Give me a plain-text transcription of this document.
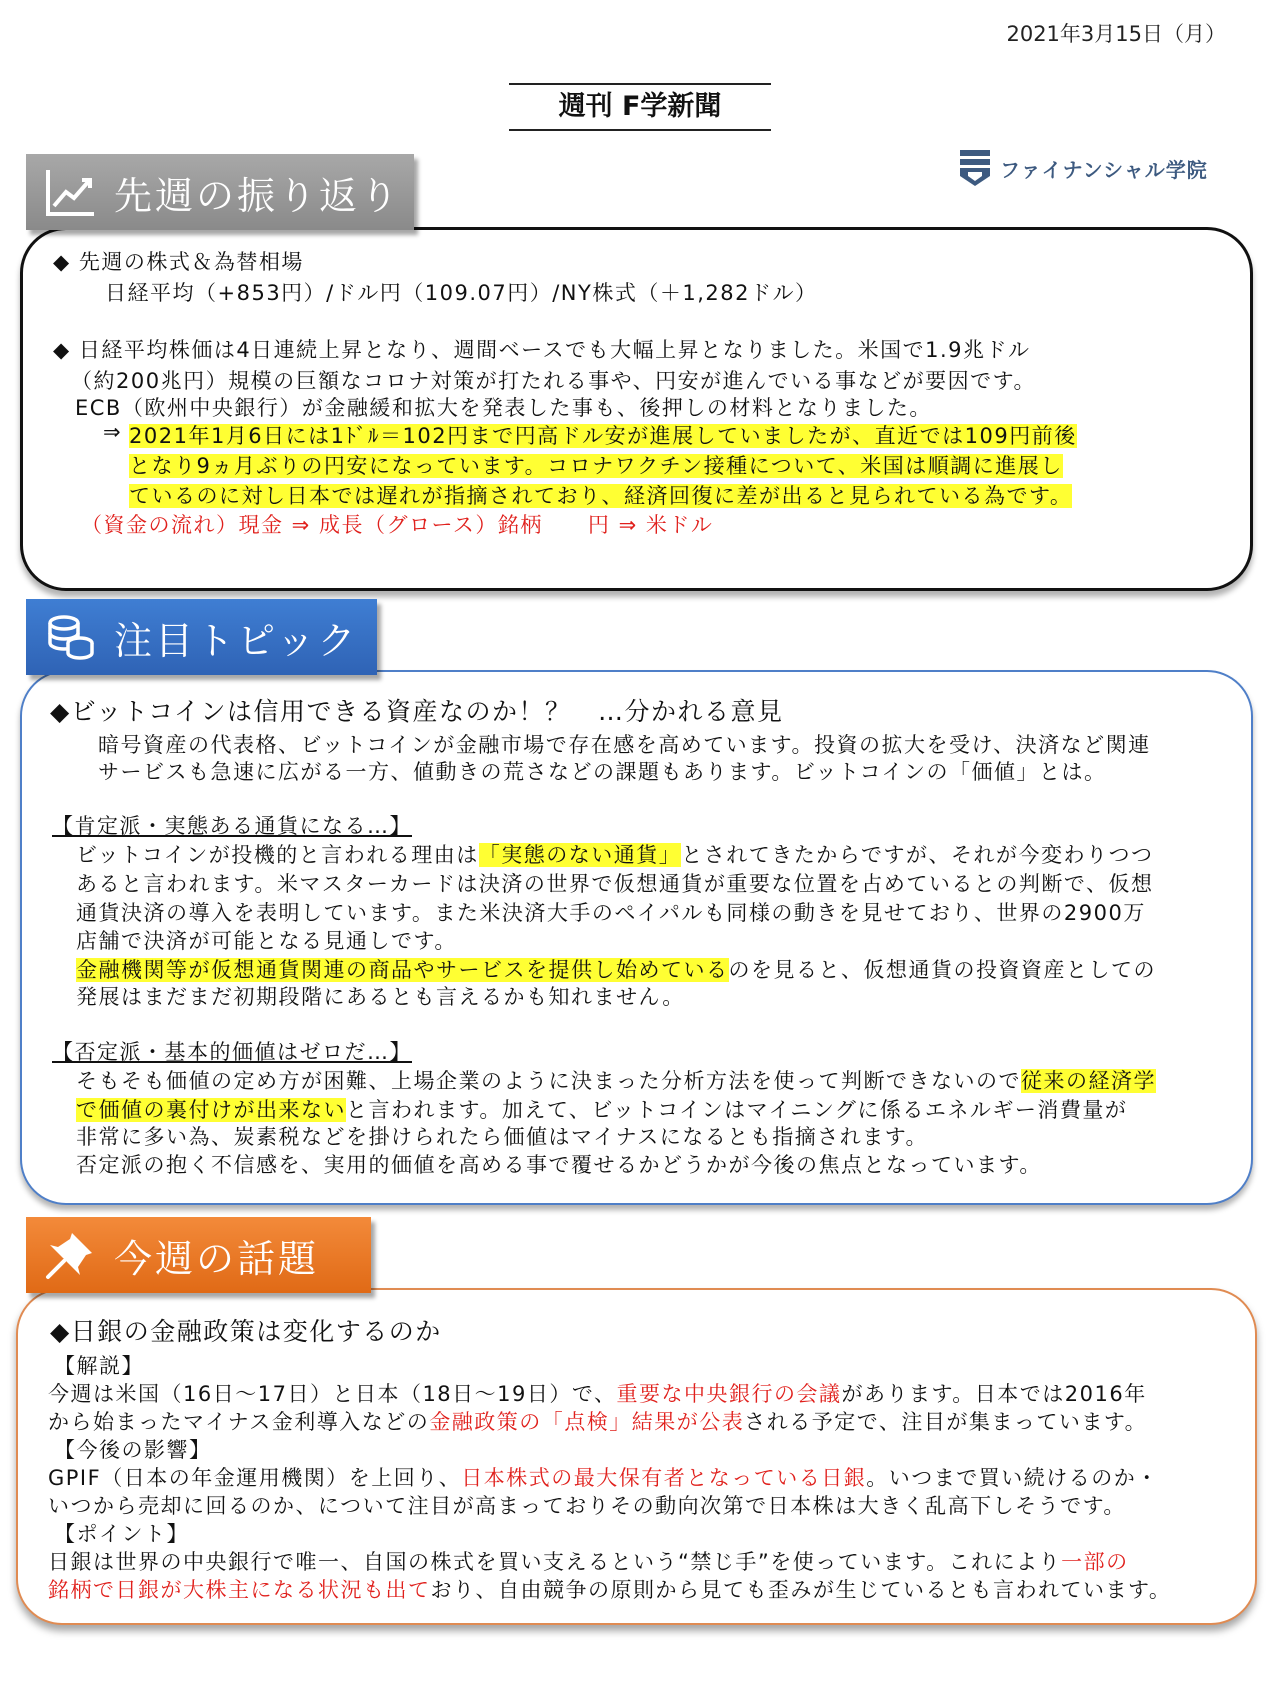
2021年3月15日（月）
週刊 F学新聞
ファイナンシャル学院
◆ 先週の株式＆為替相場
日経平均（+853円）/ドル円（109.07円）/NY株式（＋1,282ドル）
◆ 日経平均株価は4日連続上昇となり、週間ベースでも大幅上昇となりました。米国で1.9兆ドル
（約200兆円）規模の巨額なコロナ対策が打たれる事や、円安が進んでいる事などが要因です。
ECB（欧州中央銀行）が金融緩和拡大を発表した事も、後押しの材料となりました。
⇒ 2021年1月6日には1ﾄﾞﾙ＝102円まで円高ドル安が進展していましたが、直近では109円前後
となり9ヵ月ぶりの円安になっています。コロナワクチン接種について、米国は順調に進展し
ているのに対し日本では遅れが指摘されており、経済回復に差が出ると見られている為です。
（資金の流れ）現金 ⇒ 成長（グロース）銘柄　　円 ⇒ 米ドル
先週の振り返り
◆ビットコインは信用できる資産なのか！？　…分かれる意見
暗号資産の代表格、ビットコインが金融市場で存在感を高めています。投資の拡大を受け、決済など関連
サービスも急速に広がる一方、値動きの荒さなどの課題もあります。ビットコインの「価値」とは。
【肯定派・実態ある通貨になる…】
ビットコインが投機的と言われる理由は「実態のない通貨」とされてきたからですが、それが今変わりつつ
あると言われます。米マスターカードは決済の世界で仮想通貨が重要な位置を占めているとの判断で、仮想
通貨決済の導入を表明しています。また米決済大手のペイパルも同様の動きを見せており、世界の2900万
店舗で決済が可能となる見通しです。
金融機関等が仮想通貨関連の商品やサービスを提供し始めているのを見ると、仮想通貨の投資資産としての
発展はまだまだ初期段階にあるとも言えるかも知れません。
【否定派・基本的価値はゼロだ…】
そもそも価値の定め方が困難、上場企業のように決まった分析方法を使って判断できないので従来の経済学
で価値の裏付けが出来ないと言われます。加えて、ビットコインはマイニングに係るエネルギー消費量が
非常に多い為、炭素税などを掛けられたら価値はマイナスになるとも指摘されます。
否定派の抱く不信感を、実用的価値を高める事で覆せるかどうかが今後の焦点となっています。
注目トピック
◆日銀の金融政策は変化するのか
【解説】
今週は米国（16日～17日）と日本（18日～19日）で、重要な中央銀行の会議があります。日本では2016年
から始まったマイナス金利導入などの金融政策の「点検」結果が公表される予定で、注目が集まっています。
【今後の影響】
GPIF（日本の年金運用機関）を上回り、日本株式の最大保有者となっている日銀。いつまで買い続けるのか・
いつから売却に回るのか、について注目が高まっておりその動向次第で日本株は大きく乱高下しそうです。
【ポイント】
日銀は世界の中央銀行で唯一、自国の株式を買い支えるという“禁じ手”を使っています。これにより一部の
銘柄で日銀が大株主になる状況も出ており、自由競争の原則から見ても歪みが生じているとも言われています。
今週の話題
